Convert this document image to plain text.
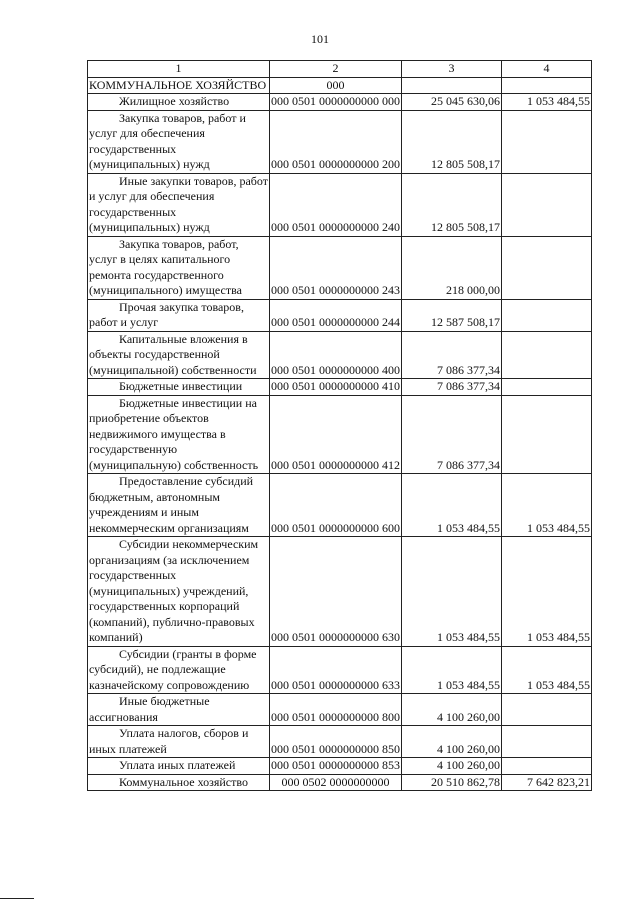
101
1	2	3	4
КОММУНАЛЬНОЕ ХОЗЯЙСТВО	000		
Жилищное хозяйство	000 0501 0000000000 000	25 045 630,06	1 053 484,55
Закупка товаров, работ и услуг для обеспечения государственных (муниципальных) нужд	000 0501 0000000000 200	12 805 508,17	
Иные закупки товаров, работ и услуг для обеспечения государственных (муниципальных) нужд	000 0501 0000000000 240	12 805 508,17	
Закупка товаров, работ, услуг в целях капитального ремонта государственного (муниципального) имущества	000 0501 0000000000 243	218 000,00	
Прочая закупка товаров, работ и услуг	000 0501 0000000000 244	12 587 508,17	
Капитальные вложения в объекты государственной (муниципальной) собственности	000 0501 0000000000 400	7 086 377,34	
Бюджетные инвестиции	000 0501 0000000000 410	7 086 377,34	
Бюджетные инвестиции на приобретение объектов недвижимого имущества в государственную (муниципальную) собственность	000 0501 0000000000 412	7 086 377,34	
Предоставление субсидий бюджетным, автономным учреждениям и иным некоммерческим организациям	000 0501 0000000000 600	1 053 484,55	1 053 484,55
Субсидии некоммерческим организациям (за исключением государственных (муниципальных) учреждений, государственных корпораций (компаний), публично-правовых компаний)	000 0501 0000000000 630	1 053 484,55	1 053 484,55
Субсидии (гранты в форме субсидий), не подлежащие казначейскому сопровождению	000 0501 0000000000 633	1 053 484,55	1 053 484,55
Иные бюджетные ассигнования	000 0501 0000000000 800	4 100 260,00	
Уплата налогов, сборов и иных платежей	000 0501 0000000000 850	4 100 260,00	
Уплата иных платежей	000 0501 0000000000 853	4 100 260,00	
Коммунальное хозяйство	000 0502 0000000000	20 510 862,78	7 642 823,21
